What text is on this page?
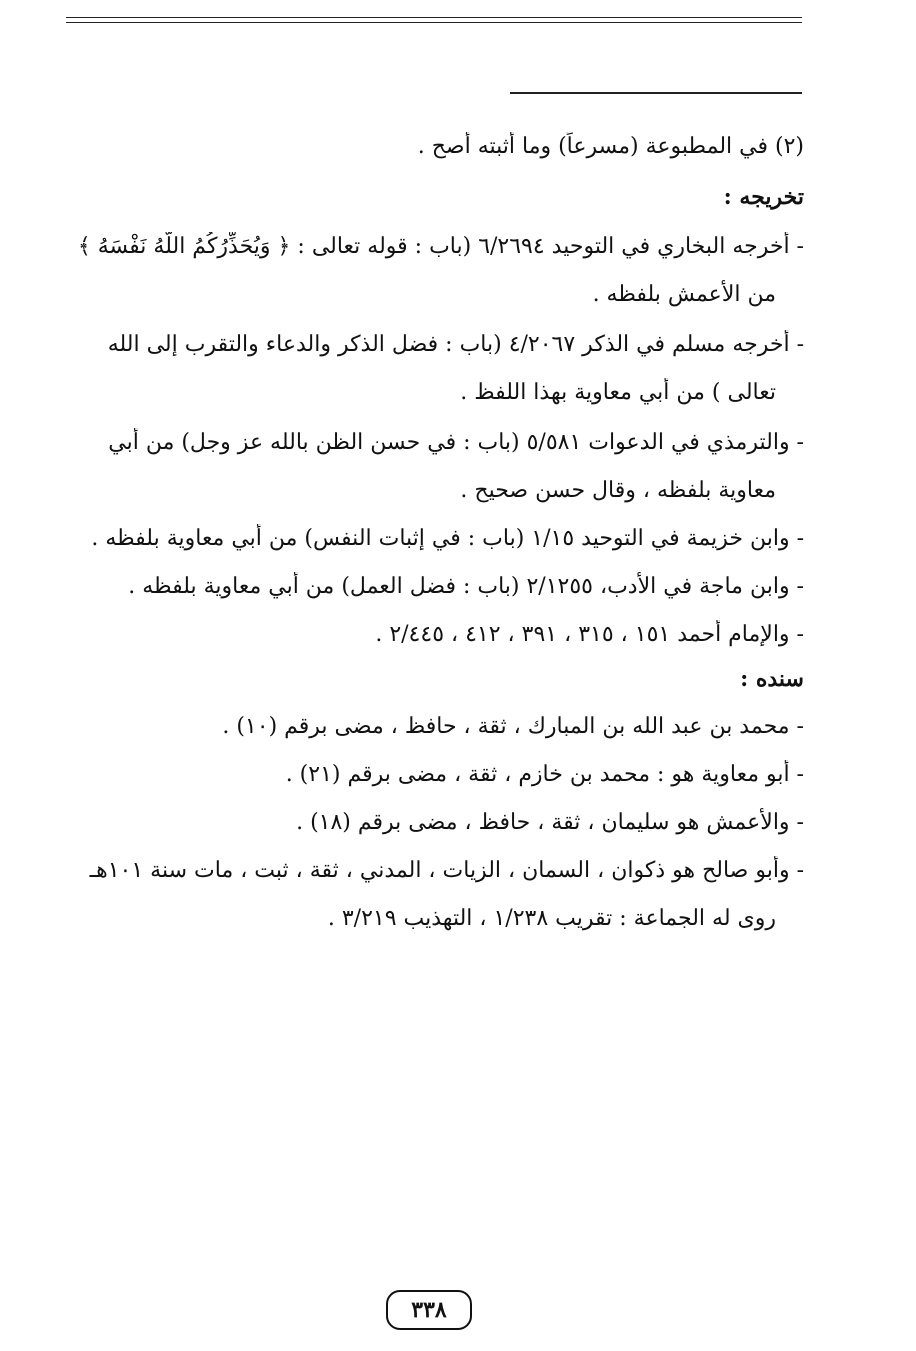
(٢) في المطبوعة (مسرعاً) وما أثبته أصح .
تخريجه :
- أخرجه البخاري في التوحيد ٦/٢٦٩٤ (باب : قوله تعالى : ﴿ وَيُحَذِّرُكُمُ اللّهُ نَفْسَهُ ﴾
من الأعمش بلفظه .
- أخرجه مسلم في الذكر ٤/٢٠٦٧ (باب : فضل الذكر والدعاء والتقرب إلى الله
تعالى ) من أبي معاوية بهذا اللفظ .
- والترمذي في الدعوات ٥/٥٨١ (باب : في حسن الظن بالله عز وجل) من أبي
معاوية بلفظه ، وقال حسن صحيح .
- وابن خزيمة في التوحيد ١/١٥ (باب : في إثبات النفس) من أبي معاوية بلفظه .
- وابن ماجة في الأدب، ٢/١٢٥٥ (باب : فضل العمل) من أبي معاوية بلفظه .
- والإمام أحمد ١٥١ ، ٣١٥ ، ٣٩١ ، ٤١٢ ، ٢/٤٤٥ .
سنده :
- محمد بن عبد الله بن المبارك ، ثقة ، حافظ ، مضى برقم (١٠) .
- أبو معاوية هو : محمد بن خازم ، ثقة ، مضى برقم (٢١) .
- والأعمش هو سليمان ، ثقة ، حافظ ، مضى برقم (١٨) .
- وأبو صالح هو ذكوان ، السمان ، الزيات ، المدني ، ثقة ، ثبت ، مات سنة ١٠١هـ
روى له الجماعة : تقريب ١/٢٣٨ ، التهذيب ٣/٢١٩ .
٣٣٨
